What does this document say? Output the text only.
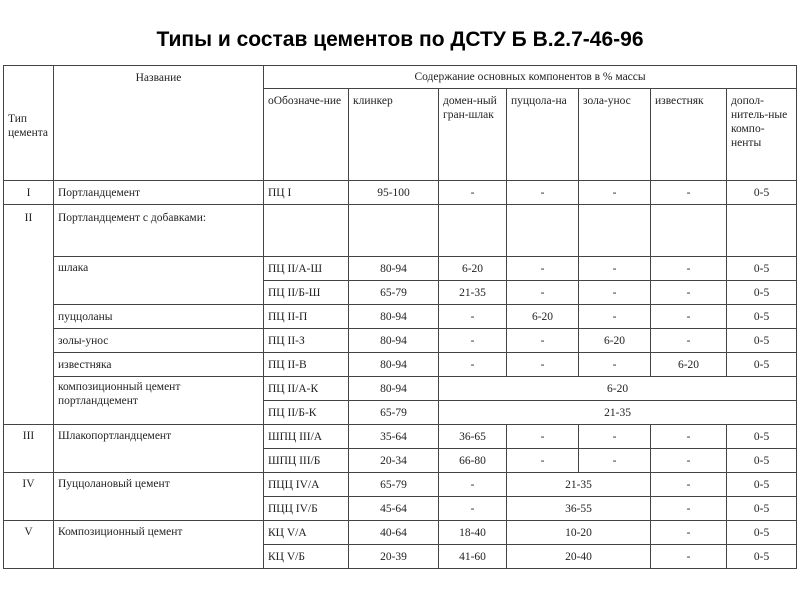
Типы и состав цементов по ДСТУ Б В.2.7-46-96
Тип цементa	Название	Содержание основных компонентов в % массы						
		оОбозначе-ние	клинкер	домен-ный гран-шлак	пуццола-на	зола-унос	известняк	допол-нитель-ные компо-ненты
I	Портландцемент	ПЦ I	95-100	-	-	-	-	0-5
II	Портландцемент с добавками:							
	шлака	ПЦ II/А-Ш	80-94	6-20	-	-	-	0-5
		ПЦ II/Б-Ш	65-79	21-35	-	-	-	0-5
	пуццоланы	ПЦ II-П	80-94	-	6-20	-	-	0-5
	золы-унос	ПЦ II-З	80-94	-	-	6-20	-	0-5
	известняка	ПЦ II-В	80-94	-	-	-	6-20	0-5
	композиционный цемент портландцемент	ПЦ II/А-К	80-94	6-20				
		ПЦ II/Б-К	65-79	21-35				
III	Шлакопортландцемент	ШПЦ III/А	35-64	36-65	-	-	-	0-5
		ШПЦ III/Б	20-34	66-80	-	-	-	0-5
IV	Пуццолановый цемент	ПЦЦ IV/А	65-79	-	21-35		-	0-5
		ПЦЦ IV/Б	45-64	-	36-55		-	0-5
V	Композиционный цемент	КЦ V/А	40-64	18-40	10-20		-	0-5
		КЦ V/Б	20-39	41-60	20-40		-	0-5
